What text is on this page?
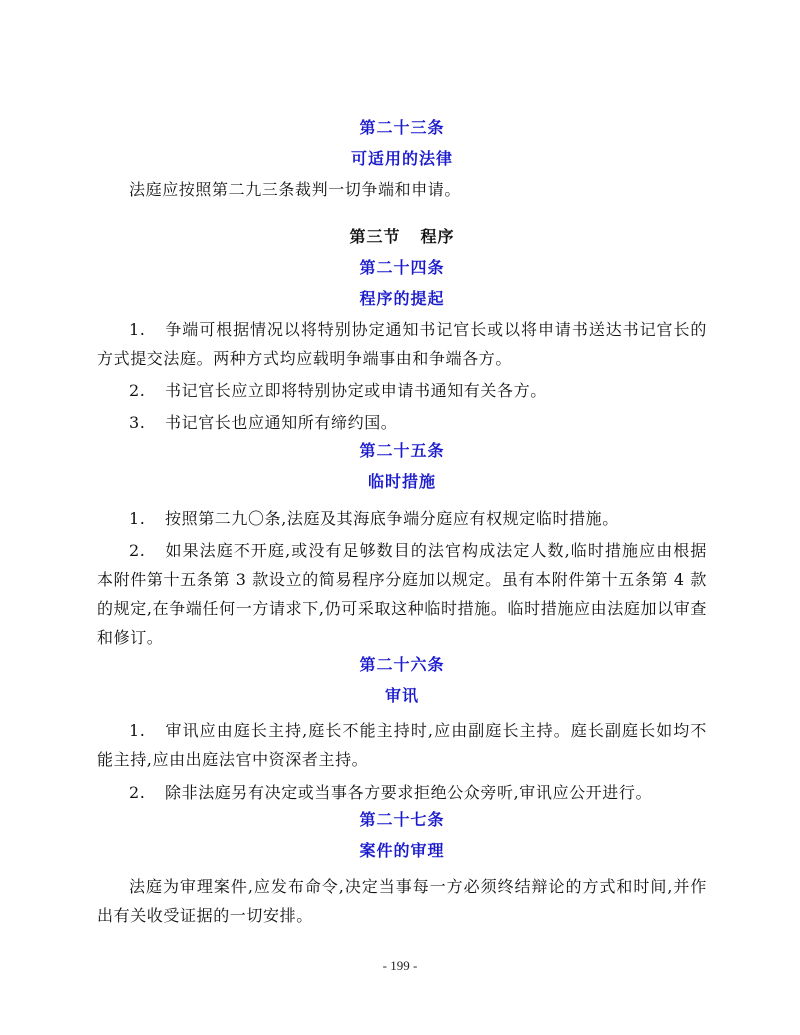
第二十三条
可适用的法律

法庭应按照第二九三条裁判一切争端和申请。

第三节 程序
第二十四条
程序的提起

1. 争端可根据情况以将特别协定通知书记官长或以将申请书送达书记官长的方式提交法庭。两种方式均应载明争端事由和争端各方。

2. 书记官长应立即将特别协定或申请书通知有关各方。

3. 书记官长也应通知所有缔约国。

第二十五条
临时措施

1. 按照第二九〇条,法庭及其海底争端分庭应有权规定临时措施。

2. 如果法庭不开庭,或没有足够数目的法官构成法定人数,临时措施应由根据本附件第十五条第 3 款设立的简易程序分庭加以规定。虽有本附件第十五条第 4 款的规定,在争端任何一方请求下,仍可采取这种临时措施。临时措施应由法庭加以审查和修订。

第二十六条
审讯

1. 审讯应由庭长主持,庭长不能主持时,应由副庭长主持。庭长副庭长如均不能主持,应由出庭法官中资深者主持。

2. 除非法庭另有决定或当事各方要求拒绝公众旁听,审讯应公开进行。

第二十七条
案件的审理

法庭为审理案件,应发布命令,决定当事每一方必须终结辩论的方式和时间,并作出有关收受证据的一切安排。

- 199 -
